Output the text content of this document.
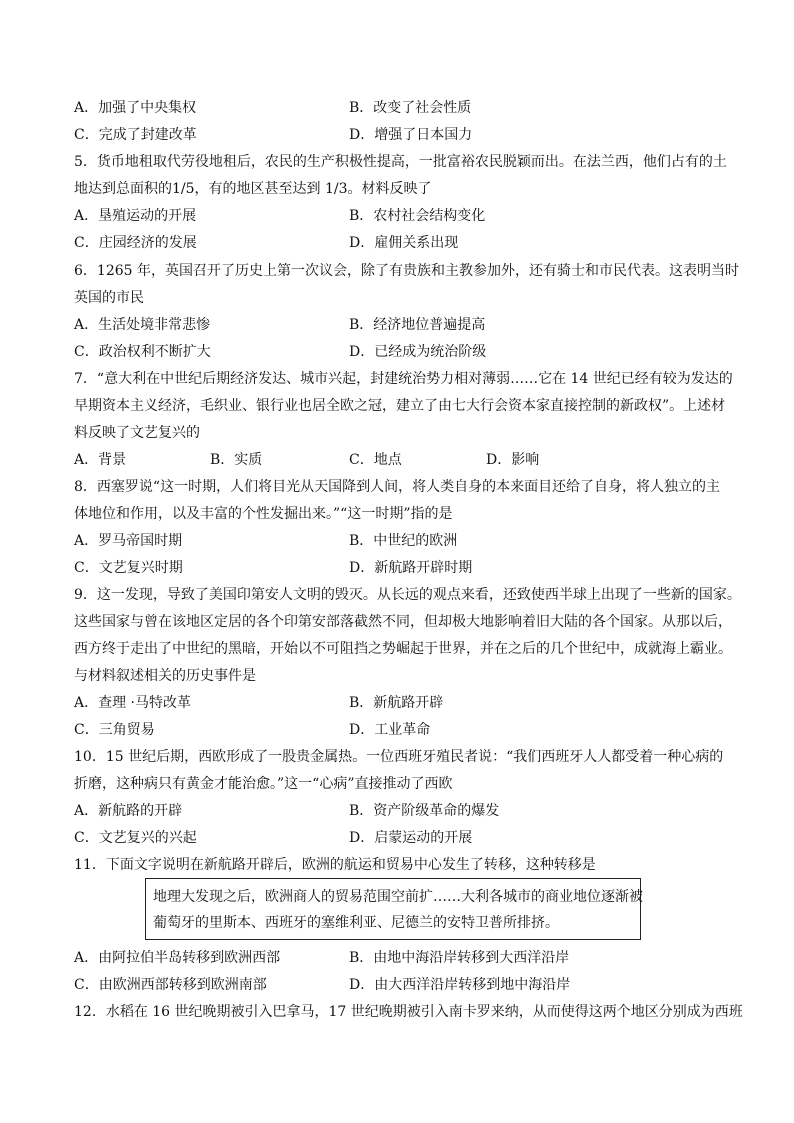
A．加强了中央集权	B．改变了社会性质
C．完成了封建改革	D．增强了日本国力
5．货币地租取代劳役地租后，农民的生产积极性提高，一批富裕农民脱颖而出。在法兰西，他们占有的土
地达到总面积的1/5，有的地区甚至达到 1/3。材料反映了
A．垦殖运动的开展	B．农村社会结构变化
C．庄园经济的发展	D．雇佣关系出现
6．1265 年，英国召开了历史上第一次议会，除了有贵族和主教参加外，还有骑士和市民代表。这表明当时
英国的市民
A．生活处境非常悲惨	B．经济地位普遍提高
C．政治权利不断扩大	D．已经成为统治阶级
7．“意大利在中世纪后期经济发达、城市兴起，封建统治势力相对薄弱……它在 14 世纪已经有较为发达的
早期资本主义经济，毛织业、银行业也居全欧之冠，建立了由七大行会资本家直接控制的新政权”。上述材
料反映了文艺复兴的
A．背景	B．实质	C．地点	D．影响
8．西塞罗说“这一时期，人们将目光从天国降到人间，将人类自身的本来面目还给了自身，将人独立的主
体地位和作用，以及丰富的个性发掘出来。”“这一时期”指的是
A．罗马帝国时期	B．中世纪的欧洲
C．文艺复兴时期	D．新航路开辟时期
9．这一发现，导致了美国印第安人文明的毁灭。从长远的观点来看，还致使西半球上出现了一些新的国家。
这些国家与曾在该地区定居的各个印第安部落截然不同，但却极大地影响着旧大陆的各个国家。从那以后，
西方终于走出了中世纪的黑暗，开始以不可阻挡之势崛起于世界，并在之后的几个世纪中，成就海上霸业。
与材料叙述相关的历史事件是
A．查理 ·马特改革	B．新航路开辟
C．三角贸易	D．工业革命
10．15 世纪后期，西欧形成了一股贵金属热。一位西班牙殖民者说：“我们西班牙人人都受着一种心病的
折磨，这种病只有黄金才能治愈。”这一“心病”直接推动了西欧
A．新航路的开辟	B．资产阶级革命的爆发
C．文艺复兴的兴起	D．启蒙运动的开展
11．下面文字说明在新航路开辟后，欧洲的航运和贸易中心发生了转移，这种转移是
地理大发现之后，欧洲商人的贸易范围空前扩……大利各城市的商业地位逐渐被
葡萄牙的里斯本、西班牙的塞维利亚、尼德兰的安特卫普所排挤。
A．由阿拉伯半岛转移到欧洲西部	B．由地中海沿岸转移到大西洋沿岸
C．由欧洲西部转移到欧洲南部	D．由大西洋沿岸转移到地中海沿岸
12．水稻在 16 世纪晚期被引入巴拿马，17 世纪晚期被引入南卡罗来纳，从而使得这两个地区分别成为西班
